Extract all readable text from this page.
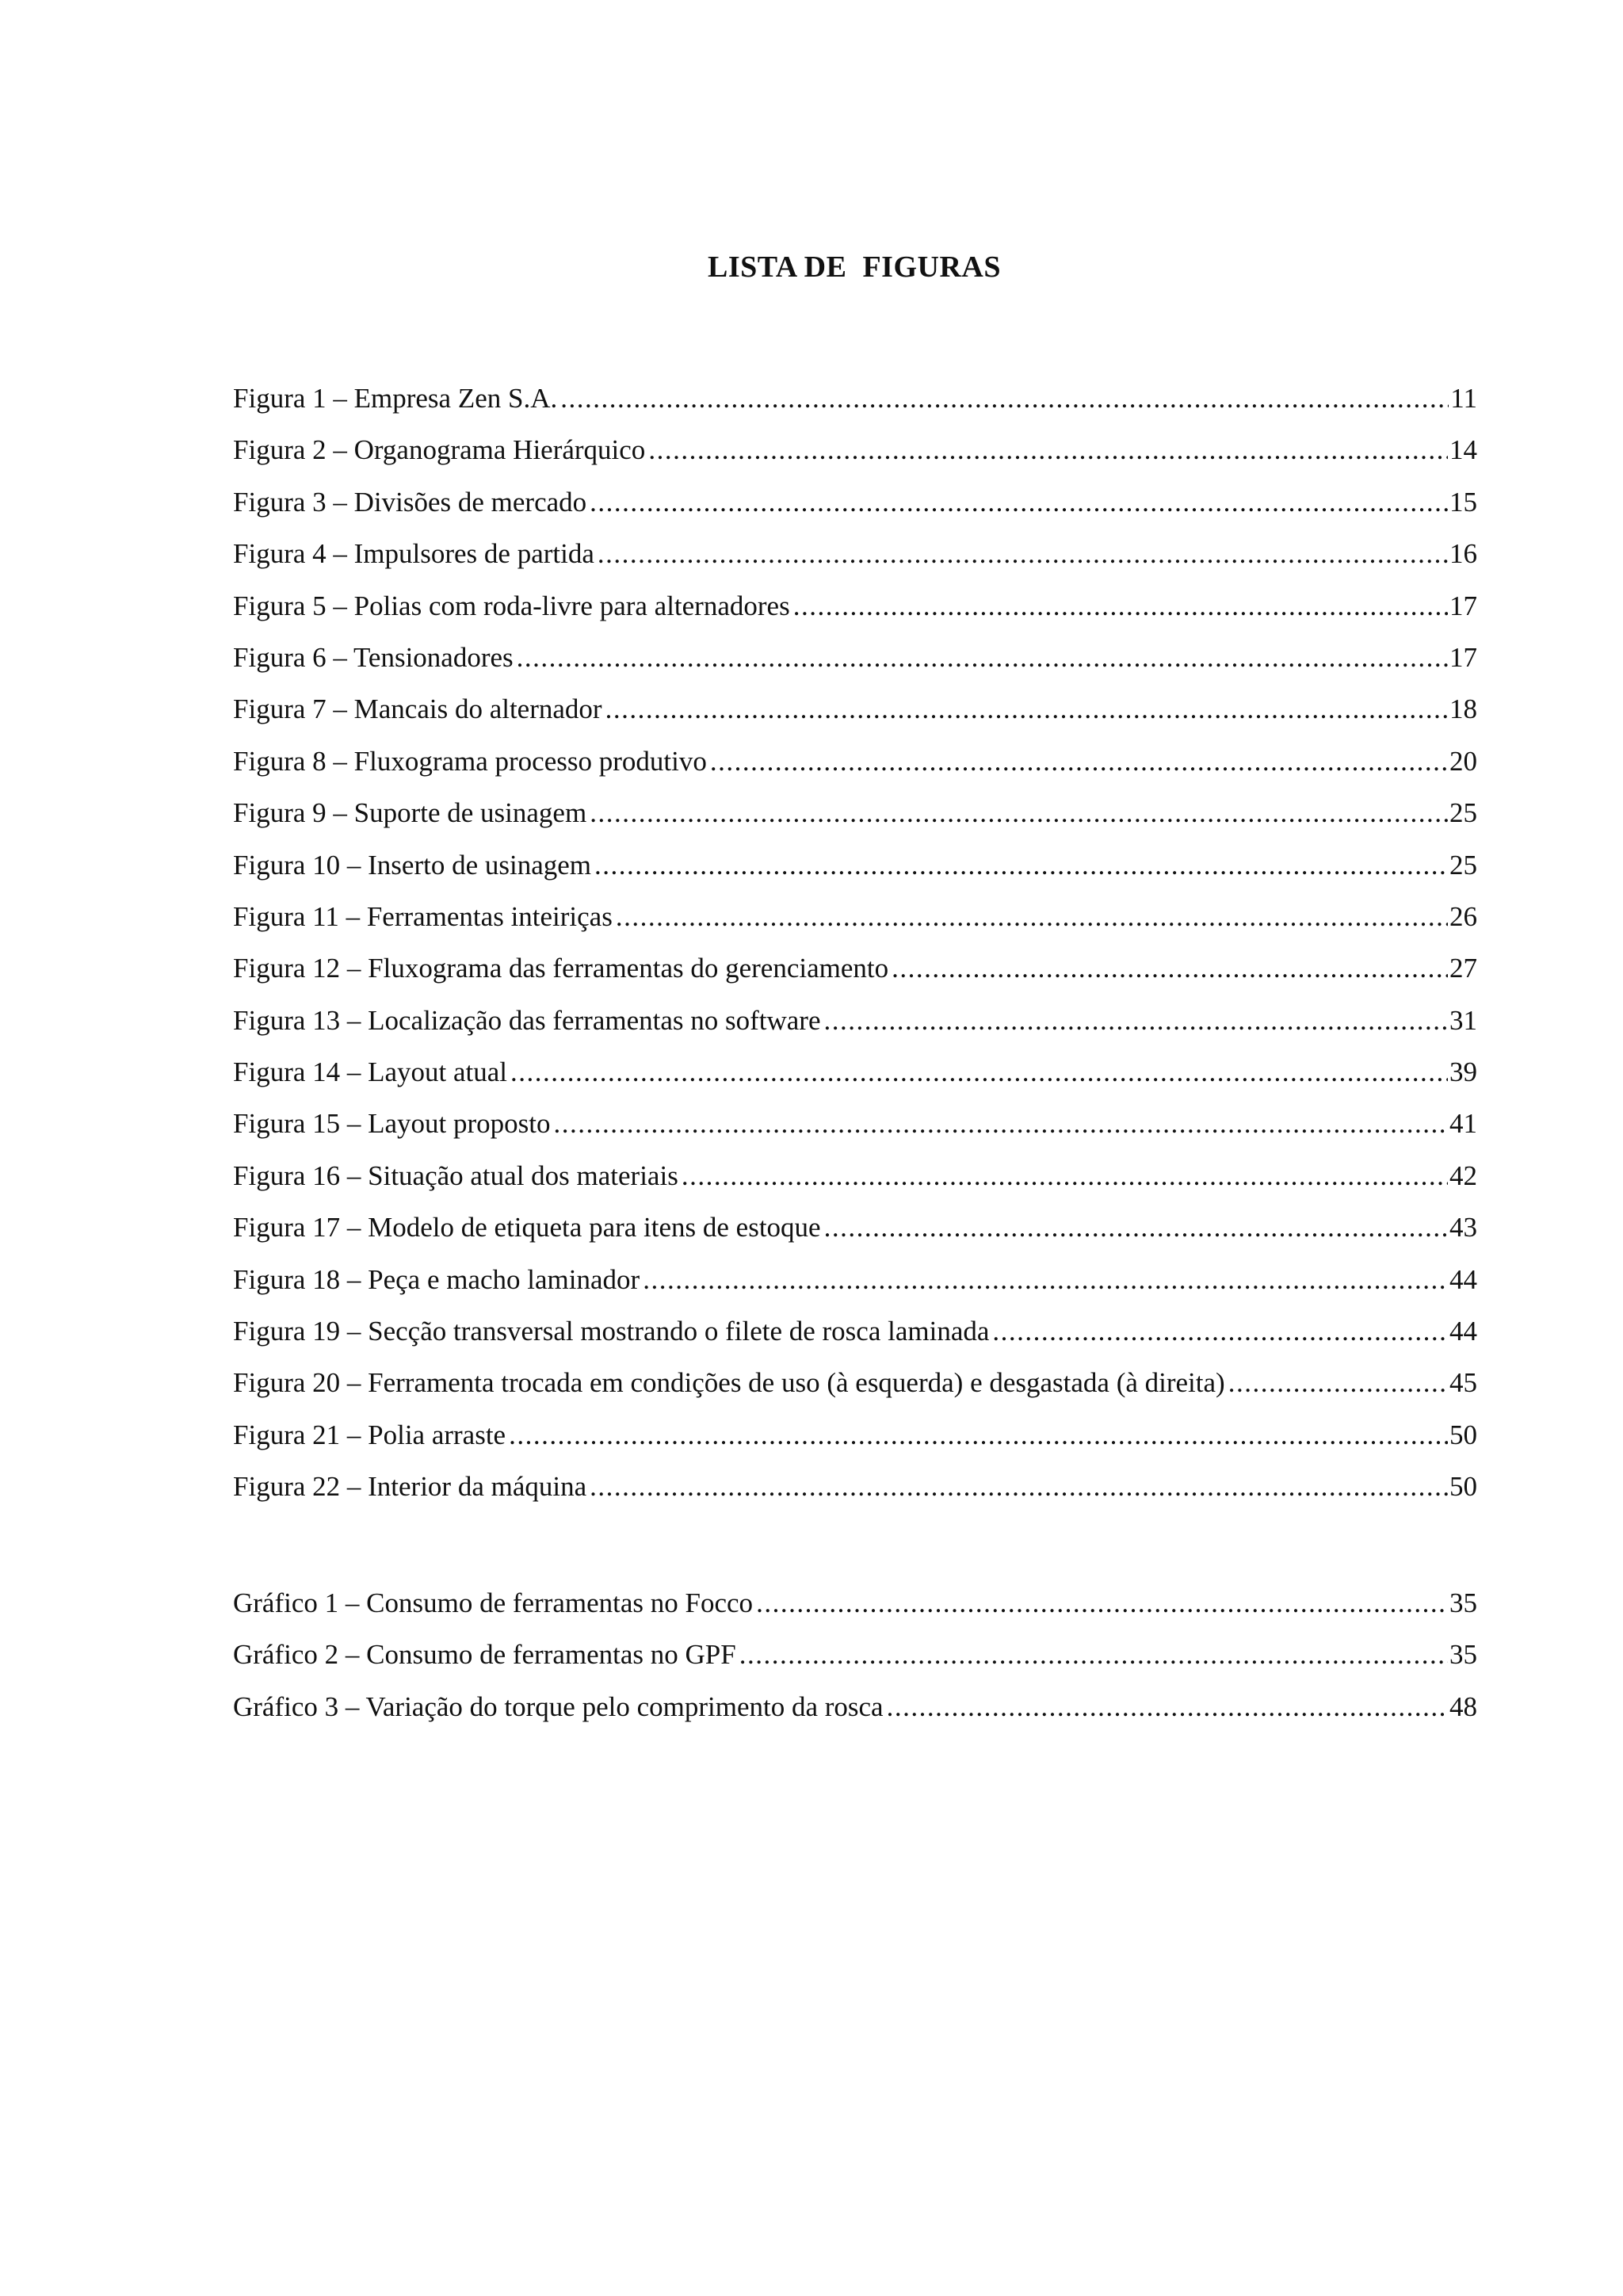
LISTA DE  FIGURAS
Figura 1 – Empresa Zen S.A. .....	11
Figura 2 – Organograma Hierárquico .....	14
Figura 3 – Divisões de mercado .....	15
Figura 4 – Impulsores de partida .....	16
Figura 5 – Polias com roda-livre para alternadores .....	17
Figura 6 – Tensionadores .....	17
Figura 7 – Mancais do alternador .....	18
Figura 8 – Fluxograma processo produtivo .....	20
Figura 9 – Suporte de usinagem .....	25
Figura 10 – Inserto de usinagem .....	25
Figura 11 – Ferramentas inteiriças .....	26
Figura 12 – Fluxograma das ferramentas do gerenciamento .....	27
Figura 13 – Localização das ferramentas no software .....	31
Figura 14 – Layout atual .....	39
Figura 15 – Layout proposto .....	41
Figura 16 – Situação atual dos materiais .....	42
Figura 17 – Modelo de etiqueta para itens de estoque .....	43
Figura 18 – Peça e macho laminador .....	44
Figura 19 – Secção transversal mostrando o filete de rosca laminada .....	44
Figura 20 – Ferramenta trocada em condições de uso (à esquerda) e desgastada (à direita) .....	45
Figura 21 – Polia arraste .....	50
Figura 22 – Interior da máquina .....	50
Gráfico 1 – Consumo de ferramentas no Focco .....	35
Gráfico 2 – Consumo de ferramentas no GPF .....	35
Gráfico 3 – Variação do torque pelo comprimento da rosca .....	48
